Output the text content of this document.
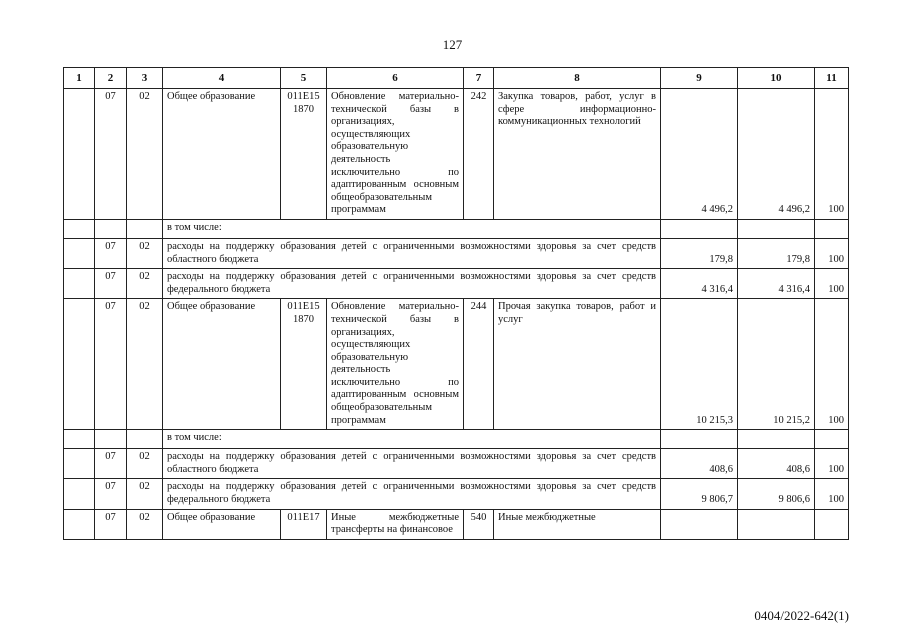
127
1	2	3	4	5	6	7	8	9	10	11
	07	02	Общее образование	011Е15 1870	Обновление материально-технической базы в организациях, осуществляющих образовательную деятельность исключительно по адаптированным основным общеобразовательным программам	242	Закупка товаров, работ, услуг в сфере информационно-коммуникационных технологий	4 496,2	4 496,2	100
			в том числе:							
	07	02	расходы на поддержку образования детей с ограниченными возможностями здоровья за счет средств областного бюджета					179,8	179,8	100
	07	02	расходы на поддержку образования детей с ограниченными возможностями здоровья за счет средств федерального бюджета					4 316,4	4 316,4	100
	07	02	Общее образование	011Е15 1870	Обновление материально-технической базы в организациях, осуществляющих образовательную деятельность исключительно по адаптированным основным общеобразовательным программам	244	Прочая закупка товаров, работ и услуг	10 215,3	10 215,2	100
			в том числе:							
	07	02	расходы на поддержку образования детей с ограниченными возможностями здоровья за счет средств областного бюджета					408,6	408,6	100
	07	02	расходы на поддержку образования детей с ограниченными возможностями здоровья за счет средств федерального бюджета					9 806,7	9 806,6	100
	07	02	Общее образование	011Е17	Иные межбюджетные трансферты на финансовое	540	Иные межбюджетные			
0404/2022-642(1)
